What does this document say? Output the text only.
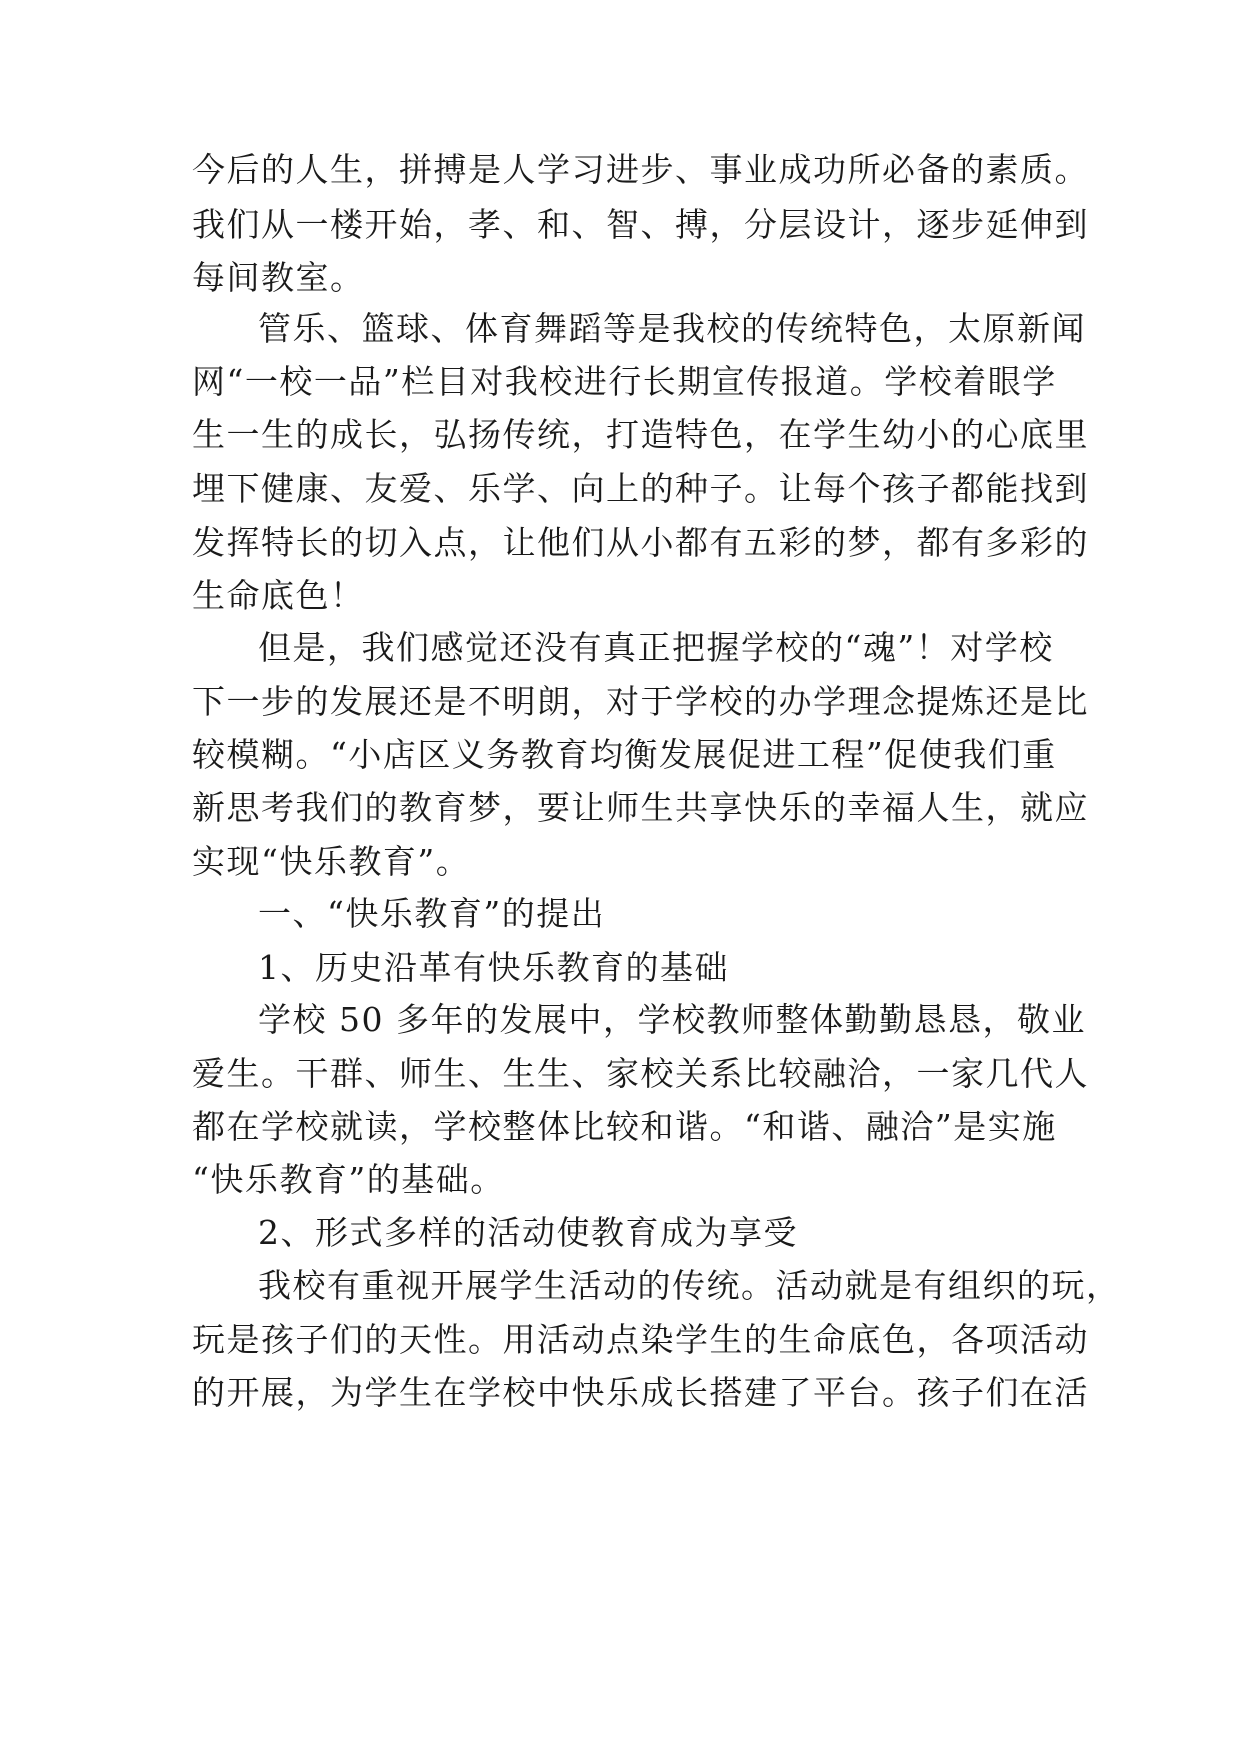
今后的人生，拼搏是人学习进步、事业成功所必备的素质。
我们从一楼开始，孝、和、智、搏，分层设计，逐步延伸到
每间教室。
管乐、篮球、体育舞蹈等是我校的传统特色，太原新闻
网“一校一品”栏目对我校进行长期宣传报道。学校着眼学
生一生的成长，弘扬传统，打造特色，在学生幼小的心底里
埋下健康、友爱、乐学、向上的种子。让每个孩子都能找到
发挥特长的切入点，让他们从小都有五彩的梦，都有多彩的
生命底色！
但是，我们感觉还没有真正把握学校的“魂”！对学校
下一步的发展还是不明朗，对于学校的办学理念提炼还是比
较模糊。“小店区义务教育均衡发展促进工程”促使我们重
新思考我们的教育梦，要让师生共享快乐的幸福人生，就应
实现“快乐教育”。
一、“快乐教育”的提出
1、历史沿革有快乐教育的基础
学校 50 多年的发展中，学校教师整体勤勤恳恳，敬业
爱生。干群、师生、生生、家校关系比较融洽，一家几代人
都在学校就读，学校整体比较和谐。“和谐、融洽”是实施
“快乐教育”的基础。
2、形式多样的活动使教育成为享受
我校有重视开展学生活动的传统。活动就是有组织的玩，
玩是孩子们的天性。用活动点染学生的生命底色，各项活动
的开展，为学生在学校中快乐成长搭建了平台。孩子们在活
